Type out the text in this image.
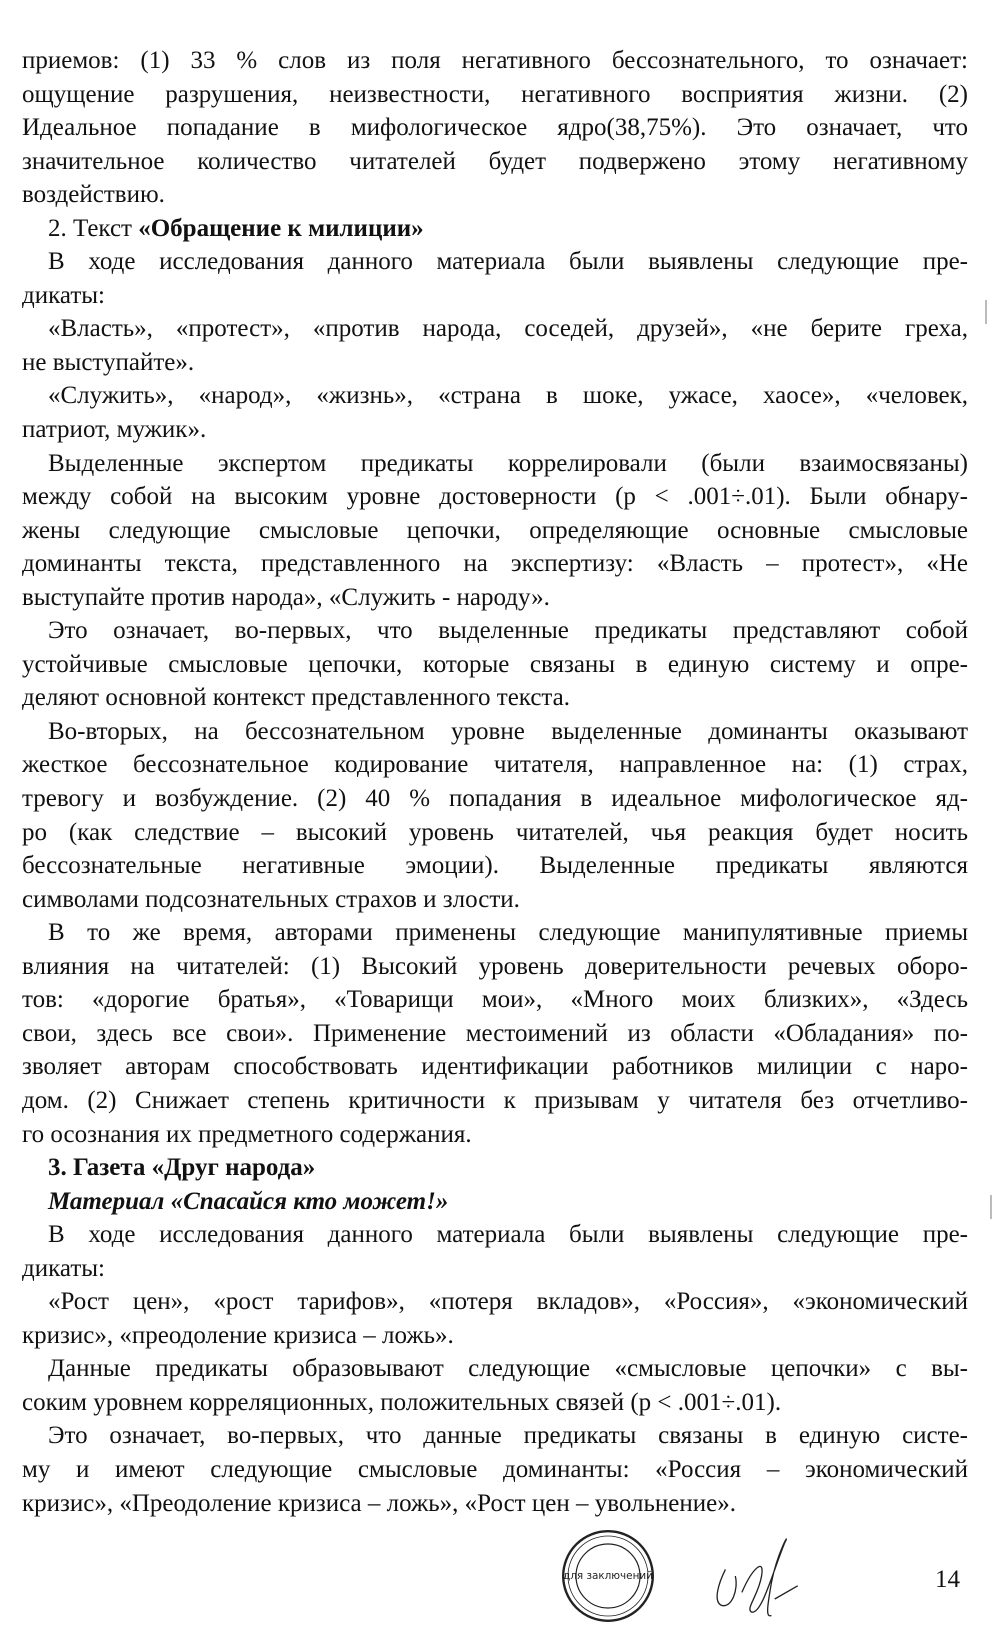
приемов: (1) 33 % слов из поля негативного бессознательного, то означает:
ощущение разрушения, неизвестности, негативного восприятия жизни. (2)
Идеальное попадание в мифологическое ядро(38,75%). Это означает, что
значительное количество читателей будет подвержено этому негативному
воздействию.
2. Текст «Обращение к милиции»
В ходе исследования данного материала были выявлены следующие пре-
дикаты:
«Власть», «протест», «против народа, соседей, друзей», «не берите греха,
не выступайте».
«Служить», «народ», «жизнь», «страна в шоке, ужасе, хаосе», «человек,
патриот, мужик».
Выделенные экспертом предикаты коррелировали (были взаимосвязаны)
между собой на высоким уровне достоверности (p < .001÷.01). Были обнару-
жены следующие смысловые цепочки, определяющие основные смысловые
доминанты текста, представленного на экспертизу: «Власть – протест», «Не
выступайте против народа», «Служить - народу».
Это означает, во-первых, что выделенные предикаты представляют собой
устойчивые смысловые цепочки, которые связаны в единую систему и опре-
деляют основной контекст представленного текста.
Во-вторых, на бессознательном уровне выделенные доминанты оказывают
жесткое бессознательное кодирование читателя, направленное на: (1) страх,
тревогу и возбуждение. (2) 40 % попадания в идеальное мифологическое яд-
ро (как следствие – высокий уровень читателей, чья реакция будет носить
бессознательные негативные эмоции). Выделенные предикаты являются
символами подсознательных страхов и злости.
В то же время, авторами применены следующие манипулятивные приемы
влияния на читателей: (1) Высокий уровень доверительности речевых оборо-
тов: «дорогие братья», «Товарищи мои», «Много моих близких», «Здесь
свои, здесь все свои». Применение местоимений из области «Обладания» по-
зволяет авторам способствовать идентификации работников милиции с наро-
дом. (2) Снижает степень критичности к призывам у читателя без отчетливо-
го осознания их предметного содержания.
3. Газета «Друг народа»
Материал «Спасайся кто может!»
В ходе исследования данного материала были выявлены следующие пре-
дикаты:
«Рост цен», «рост тарифов», «потеря вкладов», «Россия», «экономический
кризис», «преодоление кризиса – ложь».
Данные предикаты образовывают следующие «смысловые цепочки» с вы-
соким уровнем корреляционных, положительных связей (p < .001÷.01).
Это означает, во-первых, что данные предикаты связаны в единую систе-
му и имеют следующие смысловые доминанты: «Россия – экономический
кризис», «Преодоление кризиса – ложь», «Рост цен – увольнение».
для заключений	14
